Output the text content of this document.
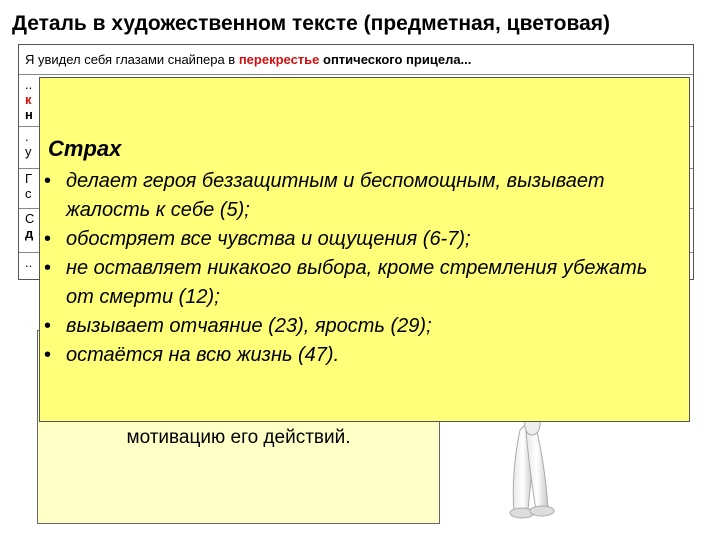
Деталь в художественном тексте (предметная, цветовая)
Я увидел себя глазами снайпера в перекрестье оптического прицела...
..
к
н
.
у
Г
с
С
д
..
мотивацию его действий.
Страх
• делает героя беззащитным и беспомощным, вызывает жалость к себе (5);
• обостряет все чувства и ощущения (6-7);
• не оставляет никакого выбора, кроме стремления убежать от смерти (12);
• вызывает отчаяние (23), ярость (29);
• остаётся на всю жизнь (47).
